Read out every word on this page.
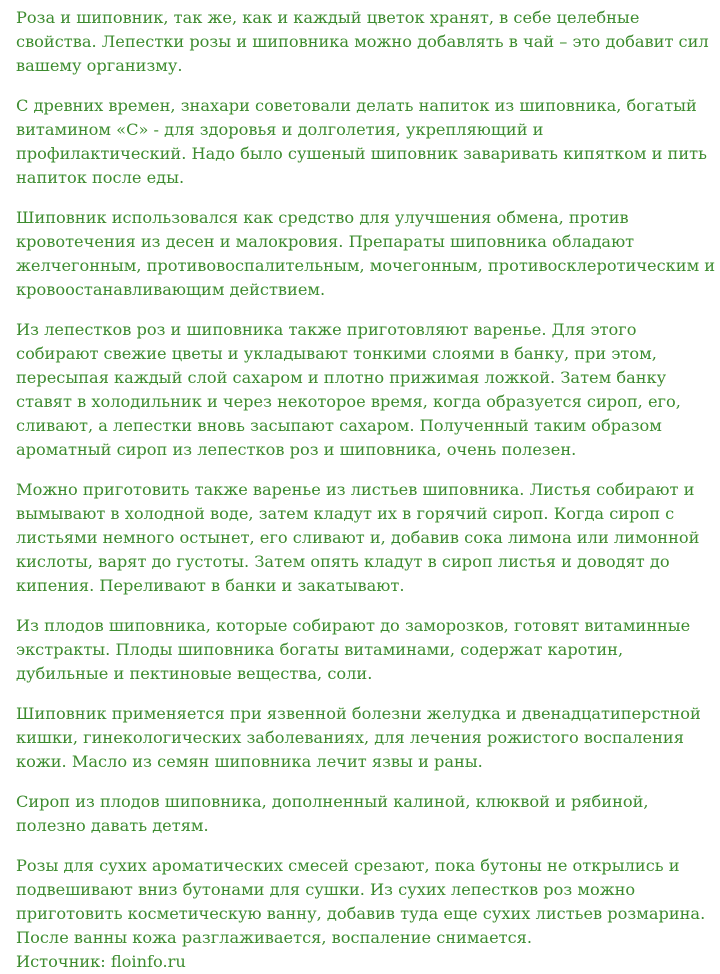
Роза и шиповник, так же, как и каждый цветок хранят, в себе целебные свойства. Лепестки розы и шиповника можно добавлять в чай – это добавит сил вашему организму.

С древних времен, знахари советовали делать напиток из шиповника, богатый витамином «С» - для здоровья и долголетия, укрепляющий и профилактический. Надо было сушеный шиповник заваривать кипятком и пить напиток после еды.

Шиповник использовался как средство для улучшения обмена, против кровотечения из десен и малокровия. Препараты шиповника обладают желчегонным, противовоспалительным, мочегонным, противосклеротическим и кровоостанавливающим действием.

Из лепестков роз и шиповника также приготовляют варенье. Для этого собирают свежие цветы и укладывают тонкими слоями в банку, при этом, пересыпая каждый слой сахаром и плотно прижимая ложкой. Затем банку ставят в холодильник и через некоторое время, когда образуется сироп, его, сливают, а лепестки вновь засыпают сахаром. Полученный таким образом ароматный сироп из лепестков роз и шиповника, очень полезен.

Можно приготовить также варенье из листьев шиповника. Листья собирают и вымывают в холодной воде, затем кладут их в горячий сироп. Когда сироп с листьями немного остынет, его сливают и, добавив сока лимона или лимонной кислоты, варят до густоты. Затем опять кладут в сироп листья и доводят до кипения. Переливают в банки и закатывают.

Из плодов шиповника, которые собирают до заморозков, готовят витаминные экстракты. Плоды шиповника богаты витаминами, содержат каротин, дубильные и пектиновые вещества, соли.

Шиповник применяется при язвенной болезни желудка и двенадцатиперстной кишки, гинекологических заболеваниях, для лечения рожистого воспаления кожи. Масло из семян шиповника лечит язвы и раны.

Сироп из плодов шиповника, дополненный калиной, клюквой и рябиной, полезно давать детям.

Розы для сухих ароматических смесей срезают, пока бутоны не открылись и подвешивают вниз бутонами для сушки. Из сухих лепестков роз можно приготовить косметическую ванну, добавив туда еще сухих листьев розмарина. После ванны кожа разглаживается, воспаление снимается.

Источник: floinfo.ru
